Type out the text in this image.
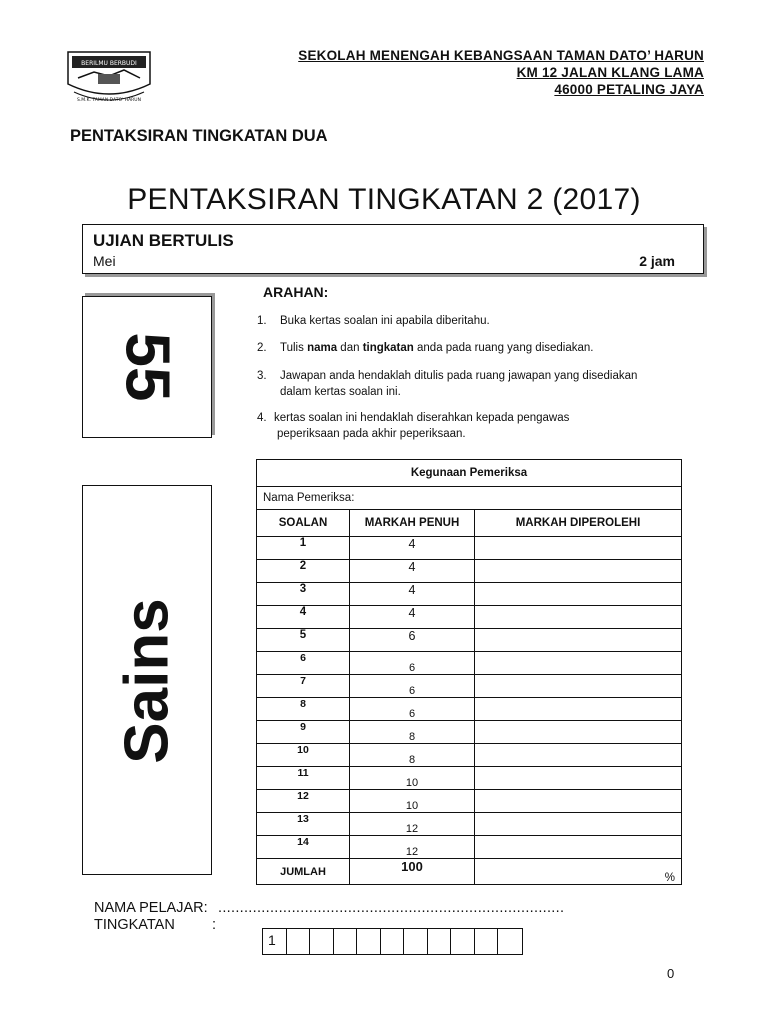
BERILMU BERBUDI
S.M.K. TAMAN DATO' HARUN
SEKOLAH MENENGAH KEBANGSAAN TAMAN DATO’ HARUN
KM 12 JALAN KLANG LAMA
46000 PETALING JAYA
PENTAKSIRAN TINGKATAN DUA
PENTAKSIRAN TINGKATAN 2 (2017)
UJIAN BERTULIS
Mei	2 jam
55
Sains
ARAHAN:
1. Buka kertas soalan ini apabila diberitahu.
2. Tulis nama dan tingkatan anda pada ruang yang disediakan.
3. Jawapan anda hendaklah ditulis pada ruang jawapan yang disediakan dalam kertas soalan ini.
4. kertas soalan ini hendaklah diserahkan kepada pengawas
peperiksaan pada akhir peperiksaan.
Kegunaan Pemeriksa		
Nama Pemeriksa:		
SOALAN	MARKAH PENUH	MARKAH DIPEROLEHI
1	4	
2	4	
3	4	
4	4	
5	6	
6	6	
7	6	
8	6	
9	8	
10	8	
11	10	
12	10	
13	12	
14	12	
JUMLAH	100	%
NAMA PELAJAR: ................................................................................
TINGKATAN	:
1
0
